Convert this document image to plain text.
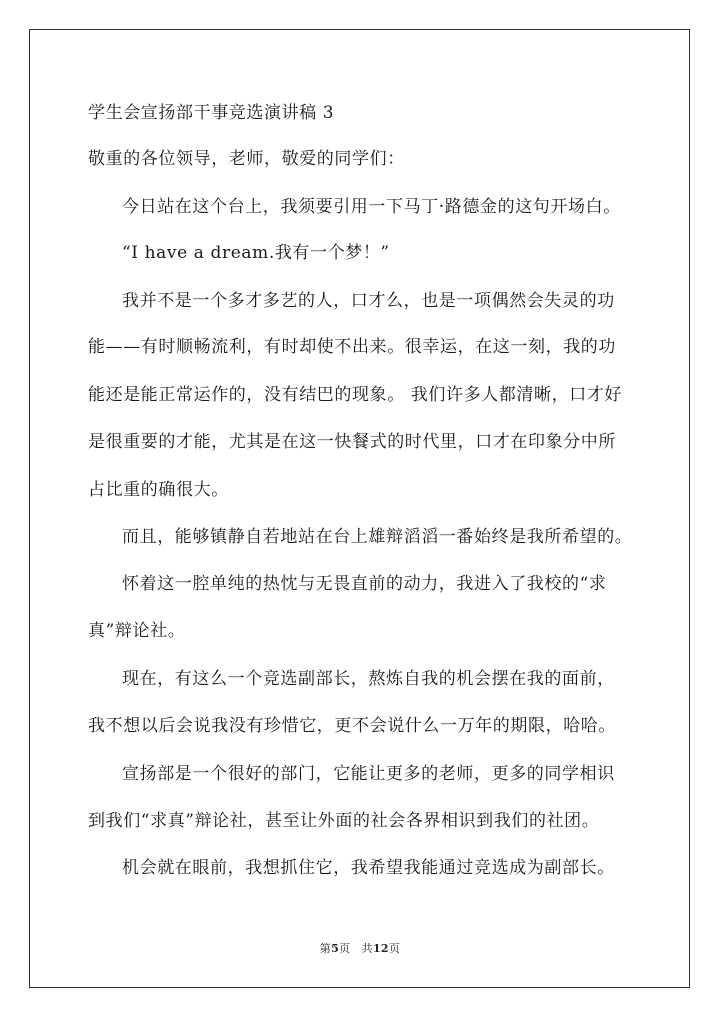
学生会宣扬部干事竞选演讲稿 3
敬重的各位领导，老师，敬爱的同学们：
今日站在这个台上，我须要引用一下马丁·路德金的这句开场白。
“I have a dream.我有一个梦！”
我并不是一个多才多艺的人，口才么，也是一项偶然会失灵的功
能——有时顺畅流利，有时却使不出来。很幸运，在这一刻，我的功
能还是能正常运作的，没有结巴的现象。 我们许多人都清晰，口才好
是很重要的才能，尤其是在这一快餐式的时代里，口才在印象分中所
占比重的确很大。
而且，能够镇静自若地站在台上雄辩滔滔一番始终是我所希望的。
怀着这一腔单纯的热忱与无畏直前的动力，我进入了我校的“求
真”辩论社。
现在，有这么一个竞选副部长，熬炼自我的机会摆在我的面前，
我不想以后会说我没有珍惜它，更不会说什么一万年的期限，哈哈。
宣扬部是一个很好的部门，它能让更多的老师，更多的同学相识
到我们“求真”辩论社，甚至让外面的社会各界相识到我们的社团。
机会就在眼前，我想抓住它，我希望我能通过竞选成为副部长。
第5页　共12页
